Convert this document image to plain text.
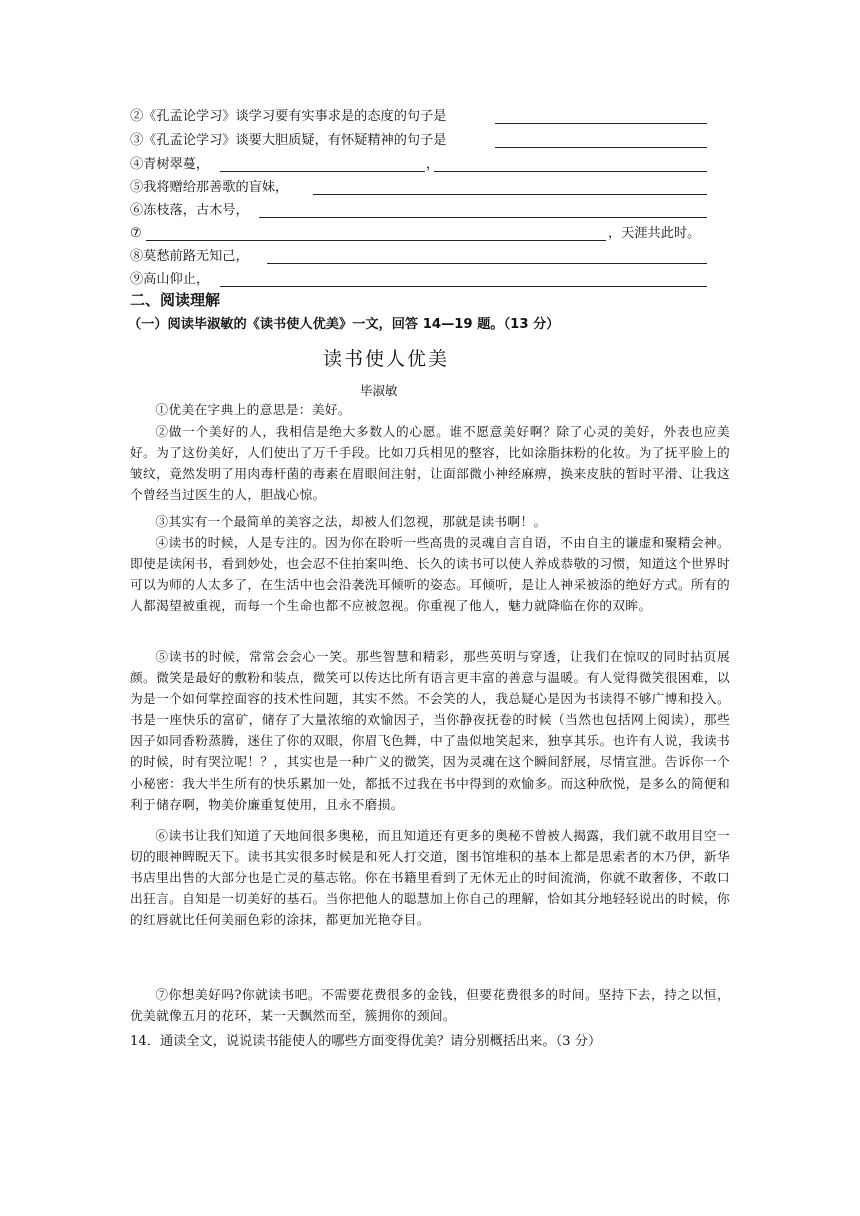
②《孔孟论学习》谈学习要有实事求是的态度的句子是
③《孔孟论学习》谈要大胆质疑，有怀疑精神的句子是
④青树翠蔓，	，
⑤我将赠给那善歌的盲妹，
⑥冻枝落，古木号，
⑦	，天涯共此时。
⑧莫愁前路无知己，
⑨高山仰止，
二、阅读理解
（一）阅读毕淑敏的《读书使人优美》一文，回答 14—19 题。（13 分）
读书使人优美
毕淑敏

①优美在字典上的意思是：美好。

②做一个美好的人，我相信是绝大多数人的心愿。谁不愿意美好啊？除了心灵的美好，外表也应美好。为了这份美好，人们使出了万千手段。比如刀兵相见的整容，比如涂脂抹粉的化妆。为了抚平脸上的皱纹，竟然发明了用肉毒杆菌的毒素在眉眼间注射，让面部微小神经麻痹，换来皮肤的暂时平滑、让我这个曾经当过医生的人，胆战心惊。

③其实有一个最简单的美容之法，却被人们忽视，那就是读书啊！。

④读书的时候，人是专注的。因为你在聆听一些高贵的灵魂自言自语，不由自主的谦虚和聚精会神。即使是读闲书，看到妙处，也会忍不住拍案叫绝、长久的读书可以使人养成恭敬的习惯，知道这个世界时可以为师的人太多了，在生活中也会沿袭洗耳倾听的姿态。耳倾听，是让人神采被添的绝好方式。所有的人都渴望被重视，而每一个生命也都不应被忽视。你重视了他人，魅力就降临在你的双眸。

⑤读书的时候，常常会会心一笑。那些智慧和精彩，那些英明与穿透，让我们在惊叹的同时拈页展颜。微笑是最好的敷粉和装点，微笑可以传达比所有语言更丰富的善意与温暖。有人觉得微笑很困难，以为是一个如何掌控面容的技术性问题，其实不然。不会笑的人，我总疑心是因为书读得不够广博和投入。书是一座快乐的富矿，储存了大量浓缩的欢愉因子，当你静夜抚卷的时候（当然也包括网上阅读），那些因子如同香粉蒸腾，迷住了你的双眼，你眉飞色舞，中了蛊似地笑起来，独享其乐。也许有人说，我读书的时候，时有哭泣呢！？，其实也是一种广义的微笑，因为灵魂在这个瞬间舒展，尽情宣泄。告诉你一个小秘密：我大半生所有的快乐累加一处，都抵不过我在书中得到的欢愉多。而这种欣悦，是多么的简便和利于储存啊，物美价廉重复使用，且永不磨损。

⑥读书让我们知道了天地间很多奥秘，而且知道还有更多的奥秘不曾被人揭露，我们就不敢用目空一切的眼神睥睨天下。读书其实很多时候是和死人打交道，图书馆堆积的基本上都是思索者的木乃伊，新华书店里出售的大部分也是亡灵的墓志铭。你在书籍里看到了无休无止的时间流淌，你就不敢奢侈，不敢口出狂言。自知是一切美好的基石。当你把他人的聪慧加上你自己的理解，恰如其分地轻轻说出的时候，你的红唇就比任何美丽色彩的涂抹，都更加光艳夺目。

⑦你想美好吗?你就读书吧。不需要花费很多的金钱，但要花费很多的时间。坚持下去，持之以恒，优美就像五月的花环，某一天飘然而至，簇拥你的颈间。

14．通读全文，说说读书能使人的哪些方面变得优美？请分别概括出来。（3 分）
